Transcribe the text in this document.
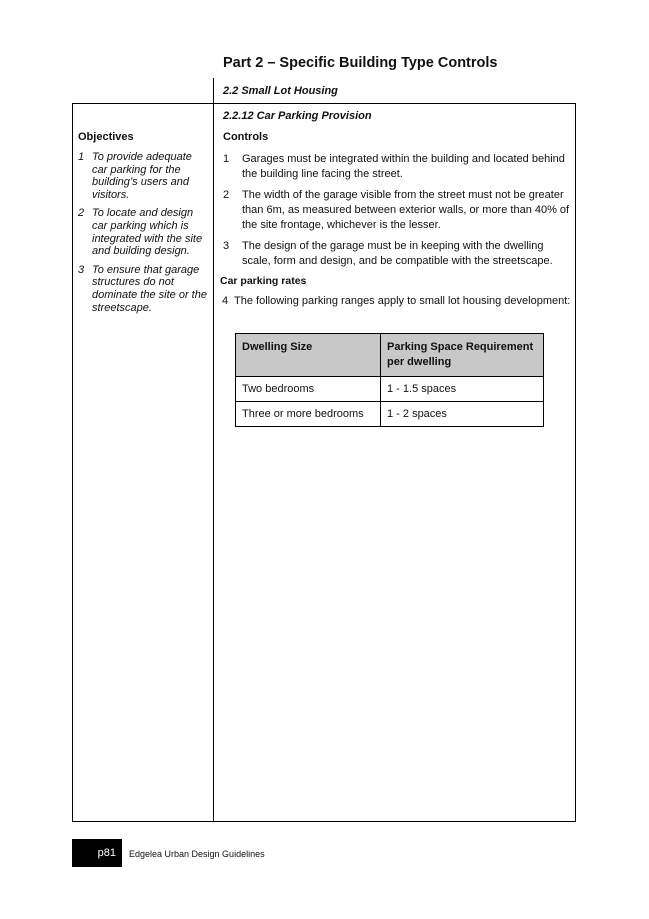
Part 2 – Specific Building Type Controls
2.2 Small Lot Housing
2.2.12 Car Parking Provision
Objectives	Controls
1 To provide adequate car parking for the building’s users and visitors.
2 To locate and design car parking which is integrated with the site and building design.
3 To ensure that garage structures do not dominate the site or the streetscape.
1	Garages must be integrated within the building and located behind the building line facing the street.
2	The width of the garage visible from the street must not be greater than 6m, as measured between exterior walls, or more than 40% of the site frontage, whichever is the lesser.
3	The design of the garage must be in keeping with the dwelling scale, form and design, and be compatible with the streetscape.
Car parking rates
4 The following parking ranges apply to small lot housing development:
Dwelling Size	Parking Space Requirement per dwelling
Two bedrooms	1 - 1.5 spaces
Three or more bedrooms	1 - 2 spaces
p81 Edgelea Urban Design Guidelines
